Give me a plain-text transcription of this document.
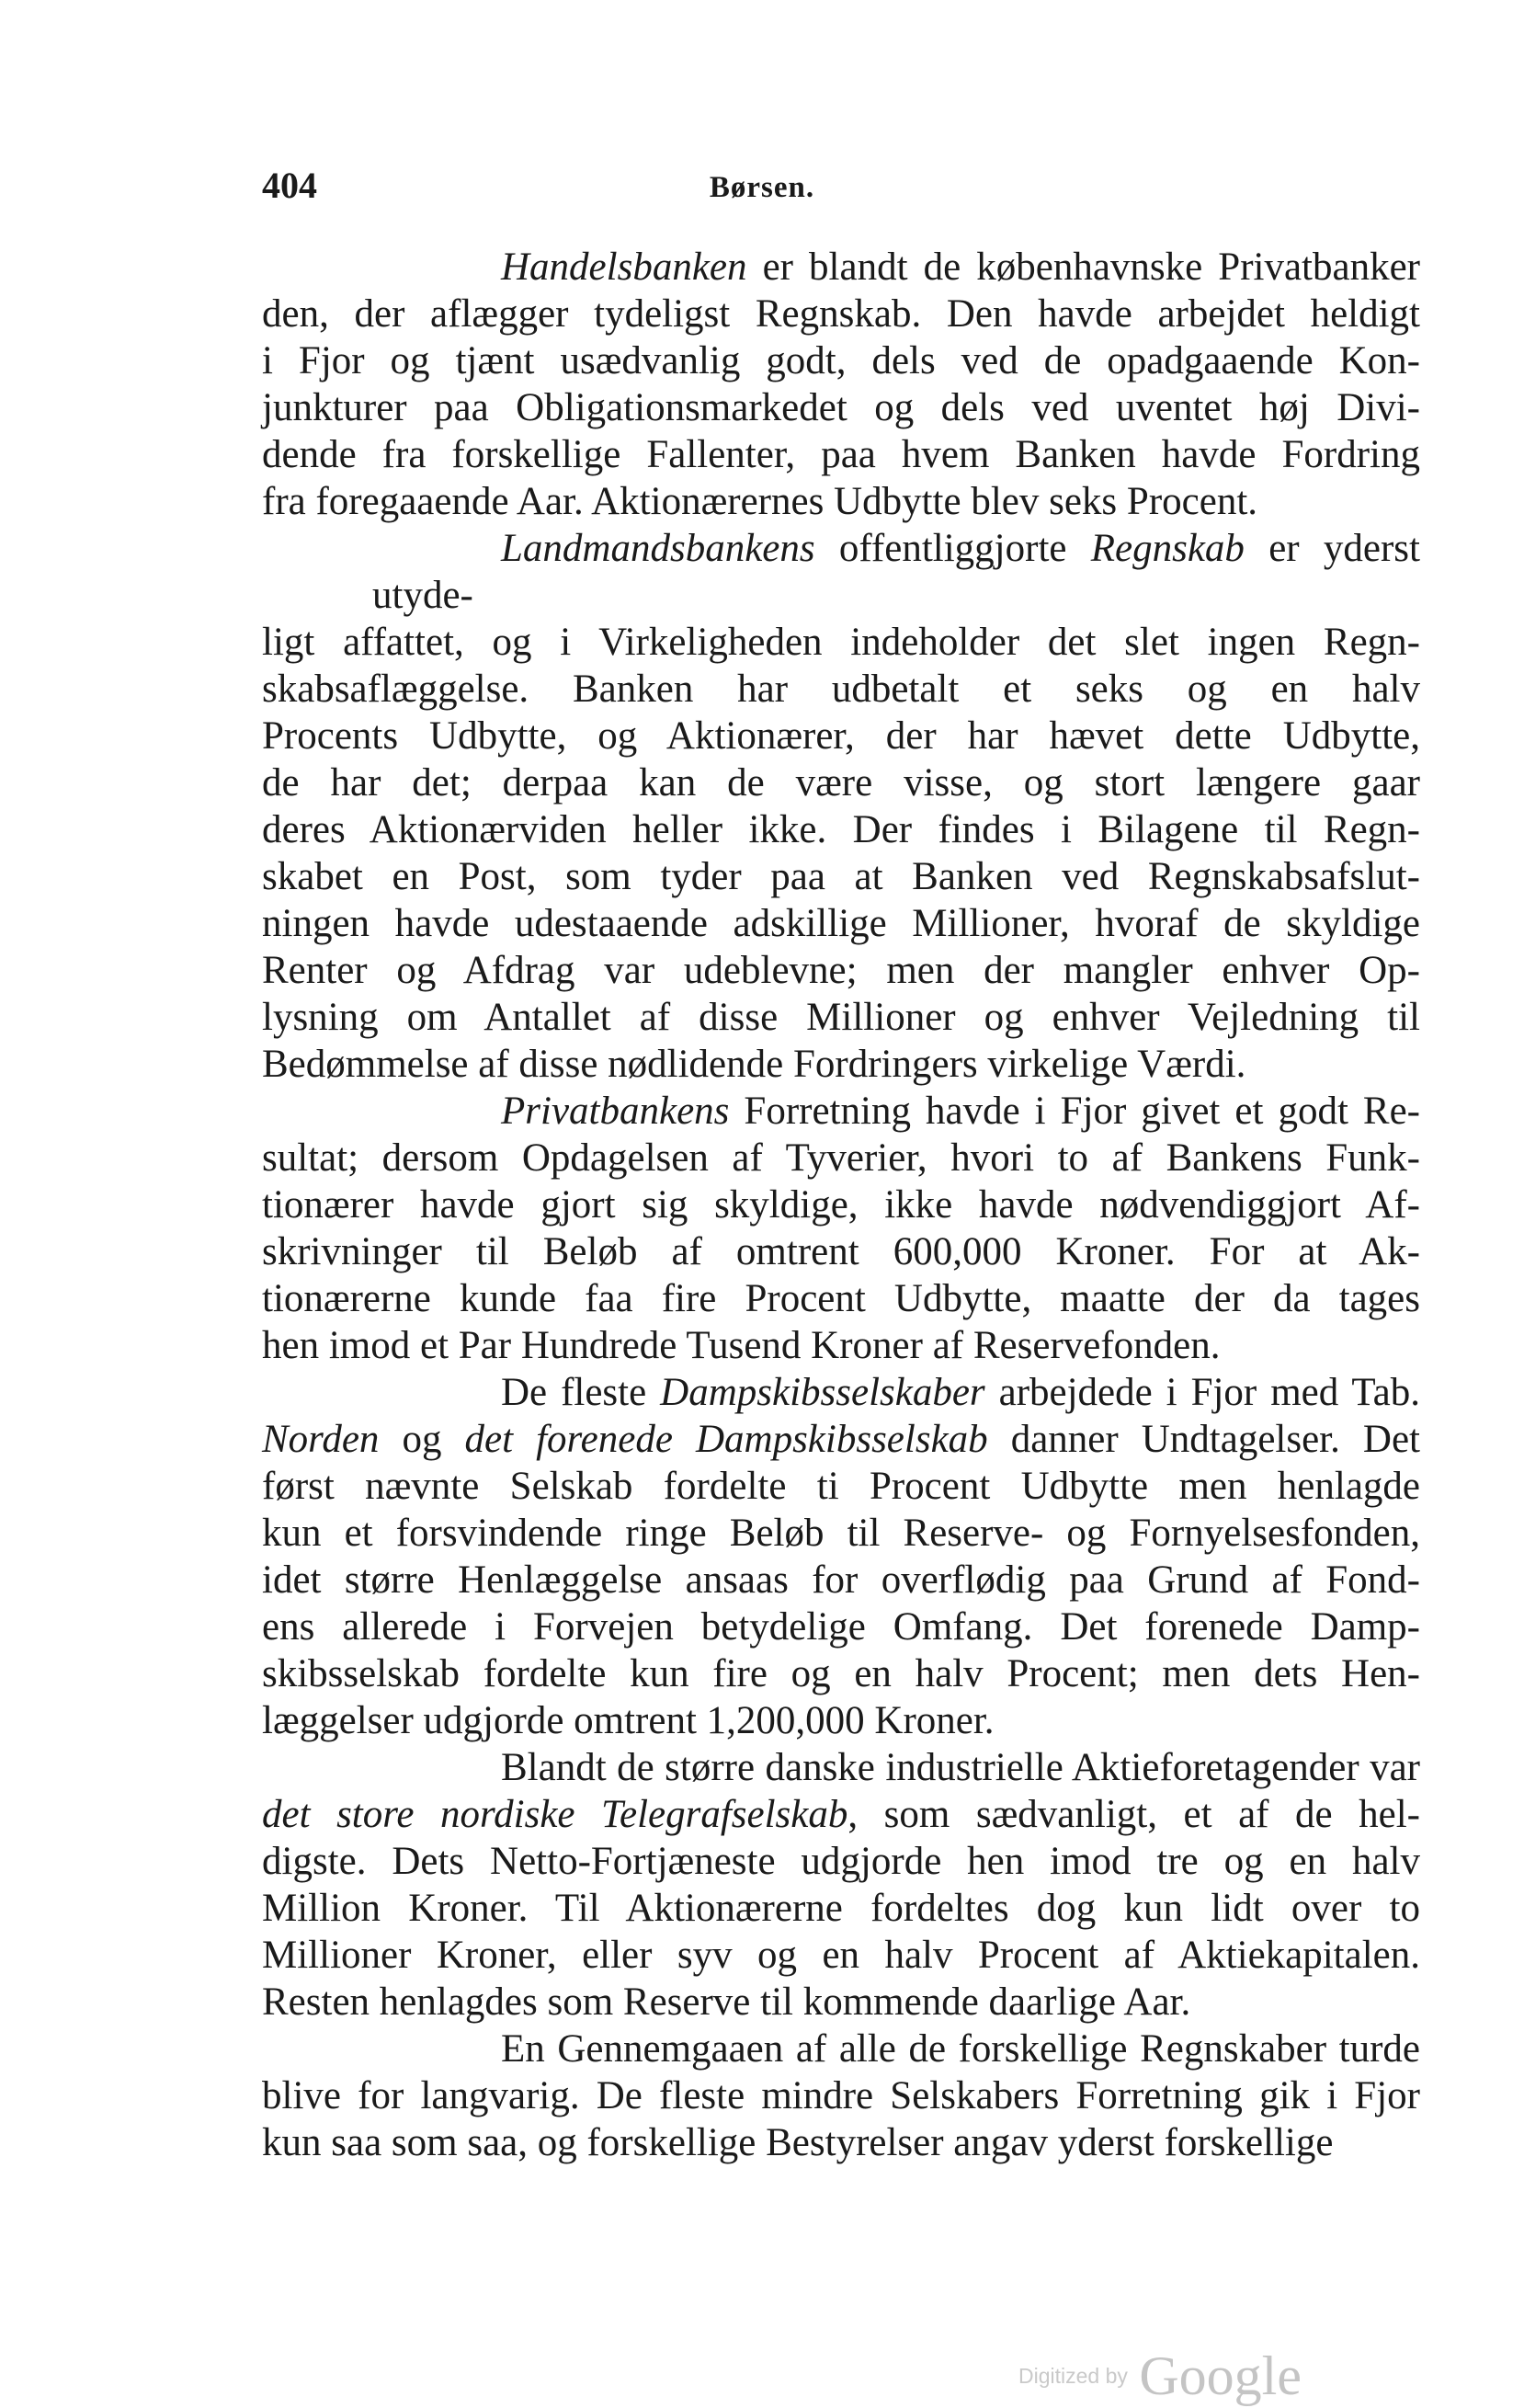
404	Børsen.
Handelsbanken er blandt de københavnske Privatbanker
den, der aflægger tydeligst Regnskab. Den havde arbejdet heldigt
i Fjor og tjænt usædvanlig godt, dels ved de opadgaaende Kon-
junkturer paa Obligationsmarkedet og dels ved uventet høj Divi-
dende fra forskellige Fallenter, paa hvem Banken havde Fordring
fra foregaaende Aar. Aktionærernes Udbytte blev seks Procent.
Landmandsbankens offentliggjorte Regnskab er yderst utyde-
ligt affattet, og i Virkeligheden indeholder det slet ingen Regn-
skabsaflæggelse. Banken har udbetalt et seks og en halv
Procents Udbytte, og Aktionærer, der har hævet dette Udbytte,
de har det; derpaa kan de være visse, og stort længere gaar
deres Aktionærviden heller ikke. Der findes i Bilagene til Regn-
skabet en Post, som tyder paa at Banken ved Regnskabsafslut-
ningen havde udestaaende adskillige Millioner, hvoraf de skyldige
Renter og Afdrag var udeblevne; men der mangler enhver Op-
lysning om Antallet af disse Millioner og enhver Vejledning til
Bedømmelse af disse nødlidende Fordringers virkelige Værdi.
Privatbankens Forretning havde i Fjor givet et godt Re-
sultat; dersom Opdagelsen af Tyverier, hvori to af Bankens Funk-
tionærer havde gjort sig skyldige, ikke havde nødvendiggjort Af-
skrivninger til Beløb af omtrent 600,000 Kroner. For at Ak-
tionærerne kunde faa fire Procent Udbytte, maatte der da tages
hen imod et Par Hundrede Tusend Kroner af Reservefonden.
De fleste Dampskibsselskaber arbejdede i Fjor med Tab.
Norden og det forenede Dampskibsselskab danner Undtagelser. Det
først nævnte Selskab fordelte ti Procent Udbytte men henlagde
kun et forsvindende ringe Beløb til Reserve- og Fornyelsesfonden,
idet større Henlæggelse ansaas for overflødig paa Grund af Fond-
ens allerede i Forvejen betydelige Omfang. Det forenede Damp-
skibsselskab fordelte kun fire og en halv Procent; men dets Hen-
læggelser udgjorde omtrent 1,200,000 Kroner.
Blandt de større danske industrielle Aktieforetagender var
det store nordiske Telegrafselskab, som sædvanligt, et af de hel-
digste. Dets Netto-Fortjæneste udgjorde hen imod tre og en halv
Million Kroner. Til Aktionærerne fordeltes dog kun lidt over to
Millioner Kroner, eller syv og en halv Procent af Aktiekapitalen.
Resten henlagdes som Reserve til kommende daarlige Aar.
En Gennemgaaen af alle de forskellige Regnskaber turde
blive for langvarig. De fleste mindre Selskabers Forretning gik i Fjor
kun saa som saa, og forskellige Bestyrelser angav yderst forskellige
Digitized by Google
